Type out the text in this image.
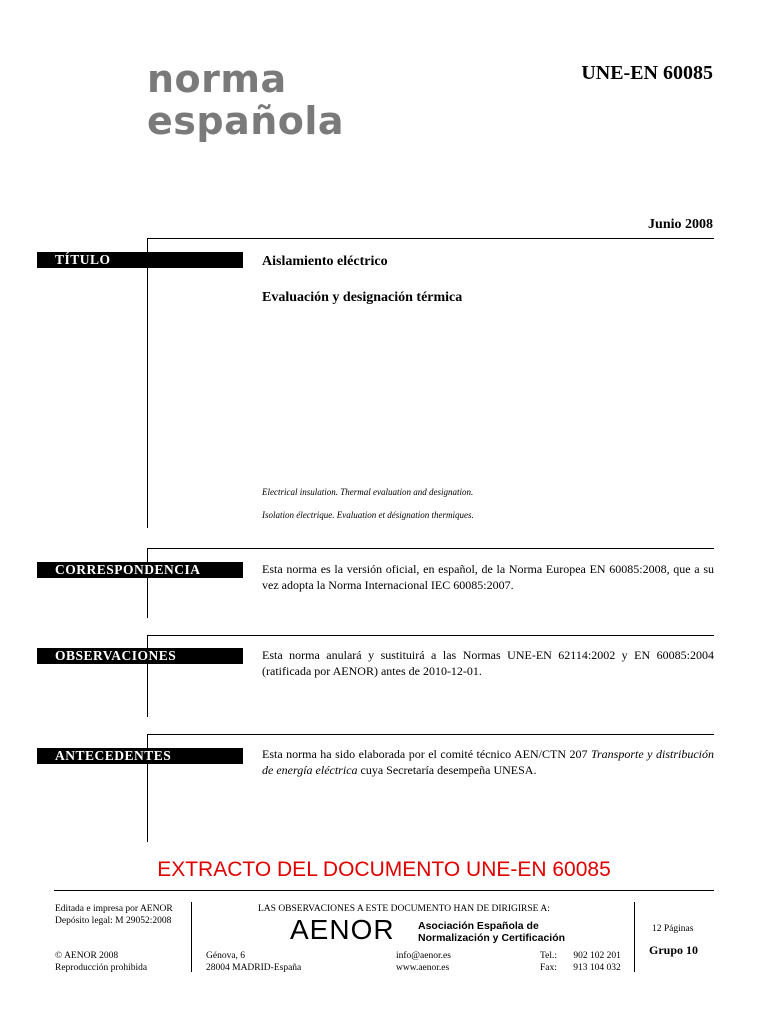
norma
española
UNE-EN 60085
Junio 2008
TÍTULO	Aislamiento eléctrico
Evaluación y designación térmica
Electrical insulation. Thermal evaluation and designation.
Isolation électrique. Evaluation et désignation thermiques.
CORRESPONDENCIA	Esta norma es la versión oficial, en español, de la Norma Europea EN 60085:2008, que a su vez adopta la Norma Internacional IEC 60085:2007.
OBSERVACIONES	Esta norma anulará y sustituirá a las Normas UNE-EN 62114:2002 y EN 60085:2004 (ratificada por AENOR) antes de 2010-12-01.
ANTECEDENTES	Esta norma ha sido elaborada por el comité técnico AEN/CTN 207 Transporte y distribución de energía eléctrica cuya Secretaría desempeña UNESA.
EXTRACTO DEL DOCUMENTO UNE-EN 60085
Editada e impresa por AENOR
Depósito legal: M 29052:2008
© AENOR 2008
Reproducción prohibida
LAS OBSERVACIONES A ESTE DOCUMENTO HAN DE DIRIGIRSE A:
AENOR Asociación Española de
Normalización y Certificación
Génova, 6
28004 MADRID-España
info@aenor.es
www.aenor.es
Tel.: 902 102 201
Fax: 913 104 032
12 Páginas
Grupo 10
